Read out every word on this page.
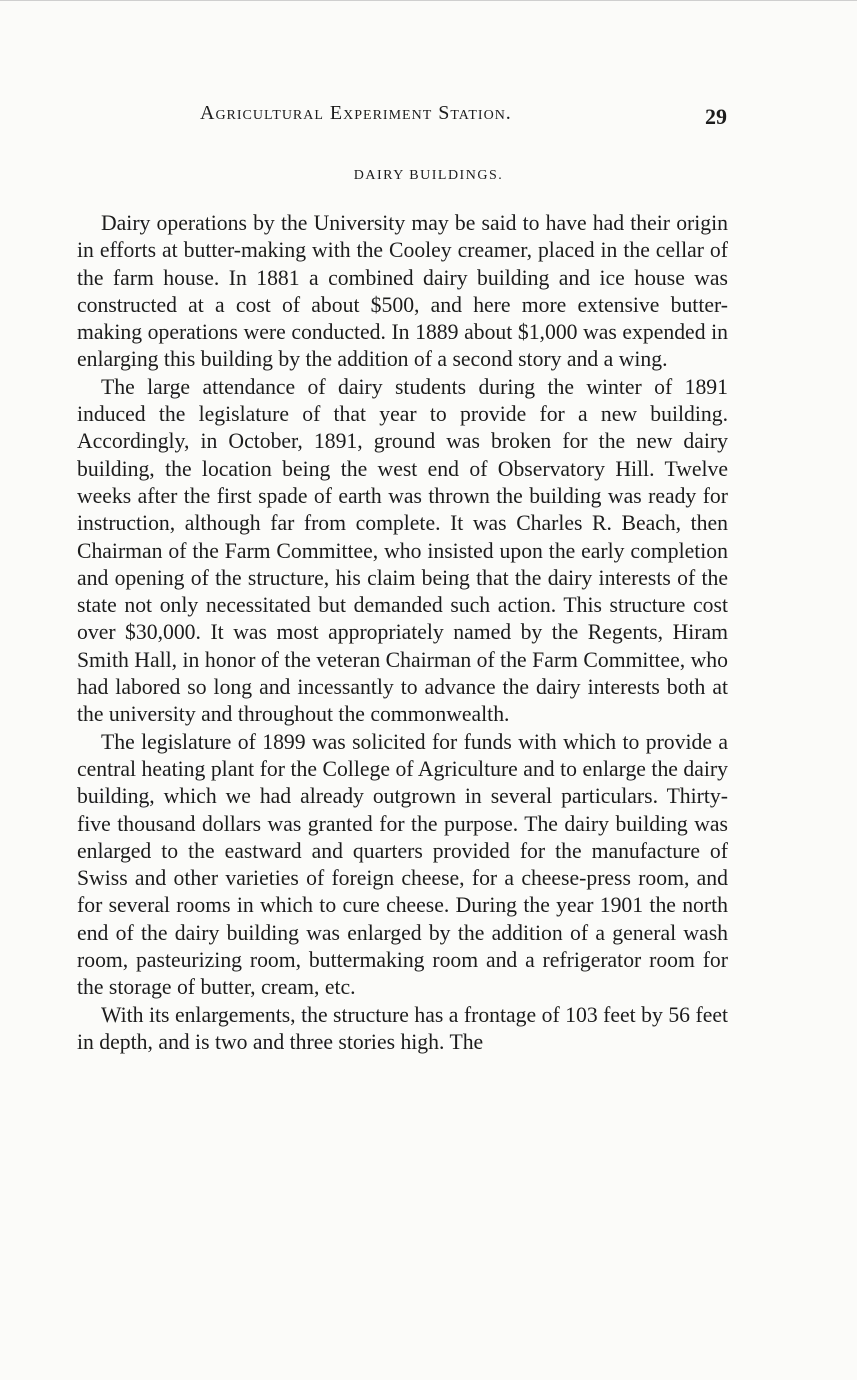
Agricultural Experiment Station.	29
DAIRY BUILDINGS.

Dairy operations by the University may be said to have had their origin in efforts at butter-making with the Cooley creamer, placed in the cellar of the farm house. In 1881 a combined dairy building and ice house was constructed at a cost of about $500, and here more extensive butter-making operations were conducted. In 1889 about $1,000 was expended in enlarging this building by the addition of a second story and a wing.

The large attendance of dairy students during the winter of 1891 induced the legislature of that year to provide for a new building. Accordingly, in October, 1891, ground was broken for the new dairy building, the location being the west end of Observatory Hill. Twelve weeks after the first spade of earth was thrown the building was ready for instruction, although far from complete. It was Charles R. Beach, then Chairman of the Farm Committee, who insisted upon the early completion and opening of the structure, his claim being that the dairy interests of the state not only necessitated but demanded such action. This structure cost over $30,000. It was most appropriately named by the Regents, Hiram Smith Hall, in honor of the veteran Chairman of the Farm Committee, who had labored so long and incessantly to advance the dairy interests both at the university and throughout the commonwealth.

The legislature of 1899 was solicited for funds with which to provide a central heating plant for the College of Agriculture and to enlarge the dairy building, which we had already outgrown in several particulars. Thirty-five thousand dollars was granted for the purpose. The dairy building was enlarged to the eastward and quarters provided for the manufacture of Swiss and other varieties of foreign cheese, for a cheese-press room, and for several rooms in which to cure cheese. During the year 1901 the north end of the dairy building was enlarged by the addition of a general wash room, pasteurizing room, buttermaking room and a refrigerator room for the storage of butter, cream, etc.

With its enlargements, the structure has a frontage of 103 feet by 56 feet in depth, and is two and three stories high. The
